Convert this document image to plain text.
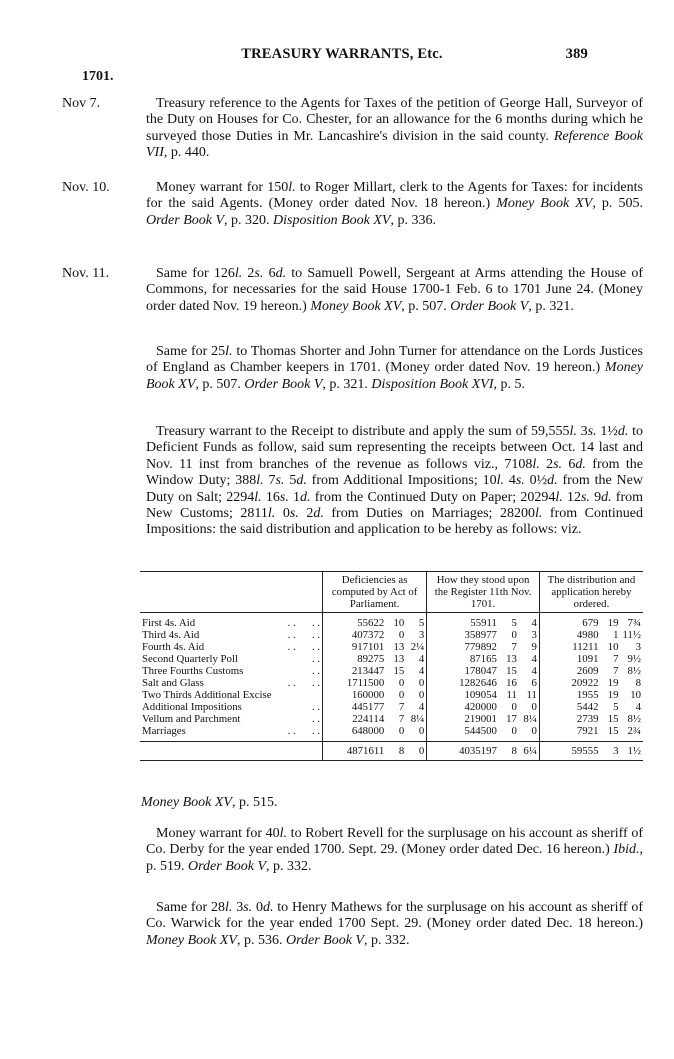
TREASURY WARRANTS, Etc.	389
1701.
Nov 7.	Treasury reference to the Agents for Taxes of the petition of George Hall, Surveyor of the Duty on Houses for Co. Chester, for an allowance for the 6 months during which he surveyed those Duties in Mr. Lancashire's division in the said county. Reference Book VII, p. 440.

Nov. 10.	Money warrant for 150l. to Roger Millart, clerk to the Agents for Taxes: for incidents for the said Agents. (Money order dated Nov. 18 hereon.) Money Book XV, p. 505. Order Book V, p. 320. Disposition Book XV, p. 336.

Nov. 11.	Same for 126l. 2s. 6d. to Samuell Powell, Sergeant at Arms attending the House of Commons, for necessaries for the said House 1700-1 Feb. 6 to 1701 June 24. (Money order dated Nov. 19 hereon.) Money Book XV, p. 507. Order Book V, p. 321.

Same for 25l. to Thomas Shorter and John Turner for attendance on the Lords Justices of England as Chamber keepers in 1701. (Money order dated Nov. 19 hereon.) Money Book XV, p. 507. Order Book V, p. 321. Disposition Book XVI, p. 5.

Treasury warrant to the Receipt to distribute and apply the sum of 59,555l. 3s. 1½d. to Deficient Funds as follow, said sum representing the receipts between Oct. 14 last and Nov. 11 inst from branches of the revenue as follows viz., 7108l. 2s. 6d. from the Window Duty; 388l. 7s. 5d. from Additional Impositions; 10l. 4s. 0½d. from the New Duty on Salt; 2294l. 16s. 1d. from the Continued Duty on Paper; 20294l. 12s. 9d. from New Customs; 2811l. 0s. 2d. from Duties on Marriages; 28200l. from Continued Impositions: the said distribution and application to be hereby as follows: viz.

	Deficiencies as computed by Act of Parliament.			How they stood upon the Register 11th Nov. 1701.			The distribution and application hereby ordered.		
First 4s. Aid . .      . .	55622	10	5	55911	5	4	679	19	7¾
Third 4s. Aid . .      . .	407372	0	3	358977	0	3	4980	1	11½
Fourth 4s. Aid . .      . .	917101	13	2¼	779892	7	9	11211	10	3
Second Quarterly Poll . .	89275	13	4	87165	13	4	1091	7	9½
Three Fourths Customs . .	213447	15	4	178047	15	4	2609	7	8½
Salt and Glass . .      . .	1711500	0	0	1282646	16	6	20922	19	8
Two Thirds Additional Excise	160000	0	0	109054	11	11	1955	19	10
Additional Impositions . .	445177	7	4	420000	0	0	5442	5	4
Vellum and Parchment . .	224114	7	8¼	219001	17	8¼	2739	15	8½
Marriages . .      . .	648000	0	0	544500	0	0	7921	15	2¾
	4871611	8	0	4035197	8	6¼	59555	3	1½

Money Book XV, p. 515.

Money warrant for 40l. to Robert Revell for the surplusage on his account as sheriff of Co. Derby for the year ended 1700. Sept. 29. (Money order dated Dec. 16 hereon.) Ibid., p. 519. Order Book V, p. 332.

Same for 28l. 3s. 0d. to Henry Mathews for the surplusage on his account as sheriff of Co. Warwick for the year ended 1700 Sept. 29. (Money order dated Dec. 18 hereon.) Money Book XV, p. 536. Order Book V, p. 332.
